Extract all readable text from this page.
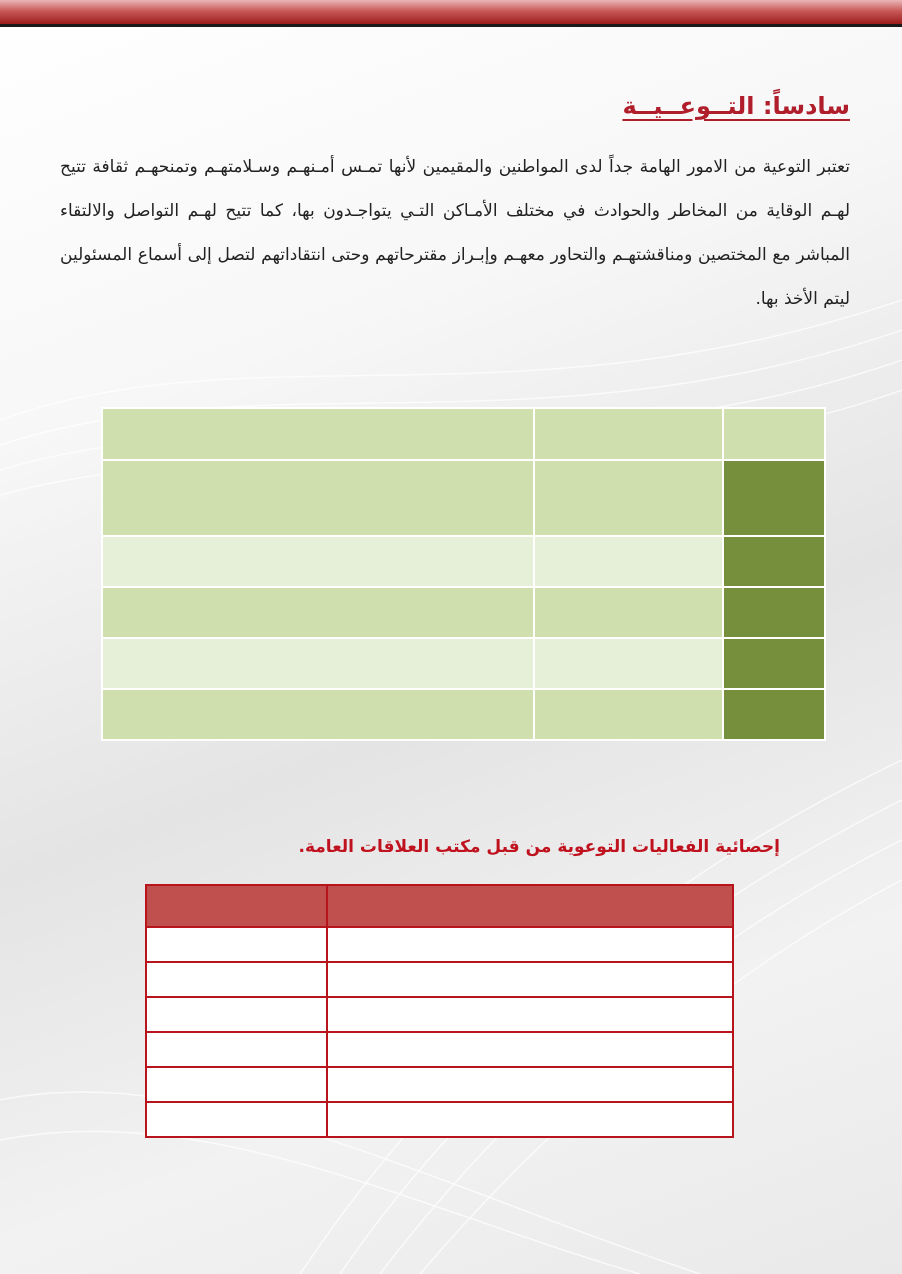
سادساً: التــوعــيــة

تعتبر التوعية من الامور الهامة جداً لدى المواطنين والمقيمين لأنها تمـس أمـنهـم وسـلامتهـم وتمنحهـم ثقافة تتيح لهـم الوقاية من المخاطر والحوادث في مختلف الأمـاكن التـي يتواجـدون بها، كما تتيح لهـم التواصل والالتقاء المباشر مع المختصين ومناقشتهـم والتحاور معهـم وإبـراز مقترحاتهم وحتى انتقاداتهم لتصل إلى أسماع المسئولين ليتم الأخذ بها.

إحصائية الفعاليات التوعوية من قبل مكتب العلاقات العامة.
